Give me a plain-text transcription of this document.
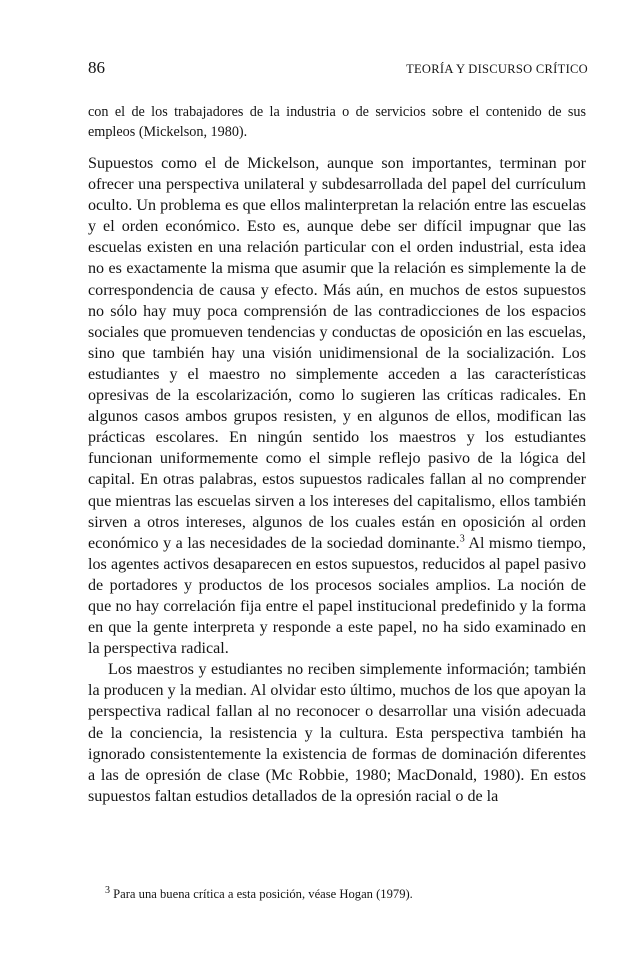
86	TEORÍA Y DISCURSO CRÍTICO

con el de los trabajadores de la industria o de servicios sobre el contenido de sus empleos (Mickelson, 1980).

Supuestos como el de Mickelson, aunque son importantes, terminan por ofrecer una perspectiva unilateral y subdesarrollada del papel del currículum oculto. Un problema es que ellos malinterpretan la relación entre las escuelas y el orden económico. Esto es, aunque debe ser difícil impugnar que las escuelas existen en una relación particular con el orden industrial, esta idea no es exactamente la misma que asumir que la relación es simplemente la de correspondencia de causa y efecto. Más aún, en muchos de estos supuestos no sólo hay muy poca comprensión de las contradicciones de los espacios sociales que promueven tendencias y conductas de oposición en las escuelas, sino que también hay una visión unidimensional de la socialización. Los estudiantes y el maestro no simplemente acceden a las características opresivas de la escolarización, como lo sugieren las críticas radicales. En algunos casos ambos grupos resisten, y en algunos de ellos, modifican las prácticas escolares. En ningún sentido los maestros y los estudiantes funcionan uniformemente como el simple reflejo pasivo de la lógica del capital. En otras palabras, estos supuestos radicales fallan al no comprender que mientras las escuelas sirven a los intereses del capitalismo, ellos también sirven a otros intereses, algunos de los cuales están en oposición al orden económico y a las necesidades de la sociedad dominante.$^3$ Al mismo tiempo, los agentes activos desaparecen en estos supuestos, reducidos al papel pasivo de portadores y productos de los procesos sociales amplios. La noción de que no hay correlación fija entre el papel institucional predefinido y la forma en que la gente interpreta y responde a este papel, no ha sido examinado en la perspectiva radical.

Los maestros y estudiantes no reciben simplemente información; también la producen y la median. Al olvidar esto último, muchos de los que apoyan la perspectiva radical fallan al no reconocer o desarrollar una visión adecuada de la conciencia, la resistencia y la cultura. Esta perspectiva también ha ignorado consistentemente la existencia de formas de dominación diferentes a las de opresión de clase (Mc Robbie, 1980; MacDonald, 1980). En estos supuestos faltan estudios detallados de la opresión racial o de la

$^3$ Para una buena crítica a esta posición, véase Hogan (1979).
